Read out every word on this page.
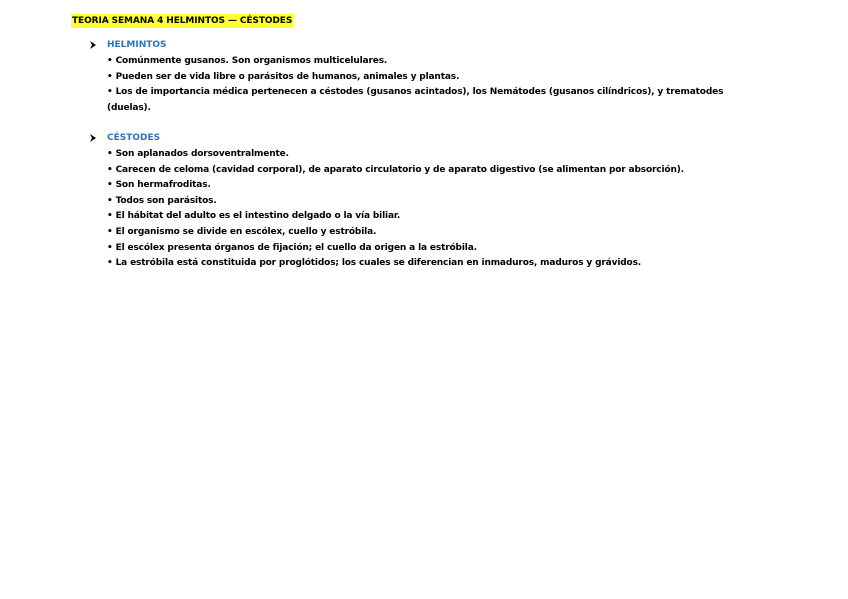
TEORIA SEMANA 4 HELMINTOS — CÉSTODES
HELMINTOS
• Comúnmente gusanos. Son organismos multicelulares.
• Pueden ser de vida libre o parásitos de humanos, animales y plantas.
• Los de importancia médica pertenecen a céstodes (gusanos acintados), los Nemátodes (gusanos cilíndricos), y trematodes (duelas).
CÉSTODES
• Son aplanados dorsoventralmente.
• Carecen de celoma (cavidad corporal), de aparato circulatorio y de aparato digestivo (se alimentan por absorción).
• Son hermafroditas.
• Todos son parásitos.
• El hábitat del adulto es el intestino delgado o la vía biliar.
• El organismo se divide en escólex, cuello y estróbila.
• El escólex presenta órganos de fijación; el cuello da origen a la estróbila.
• La estróbila está constituida por proglótidos; los cuales se diferencian en inmaduros, maduros y grávidos.
